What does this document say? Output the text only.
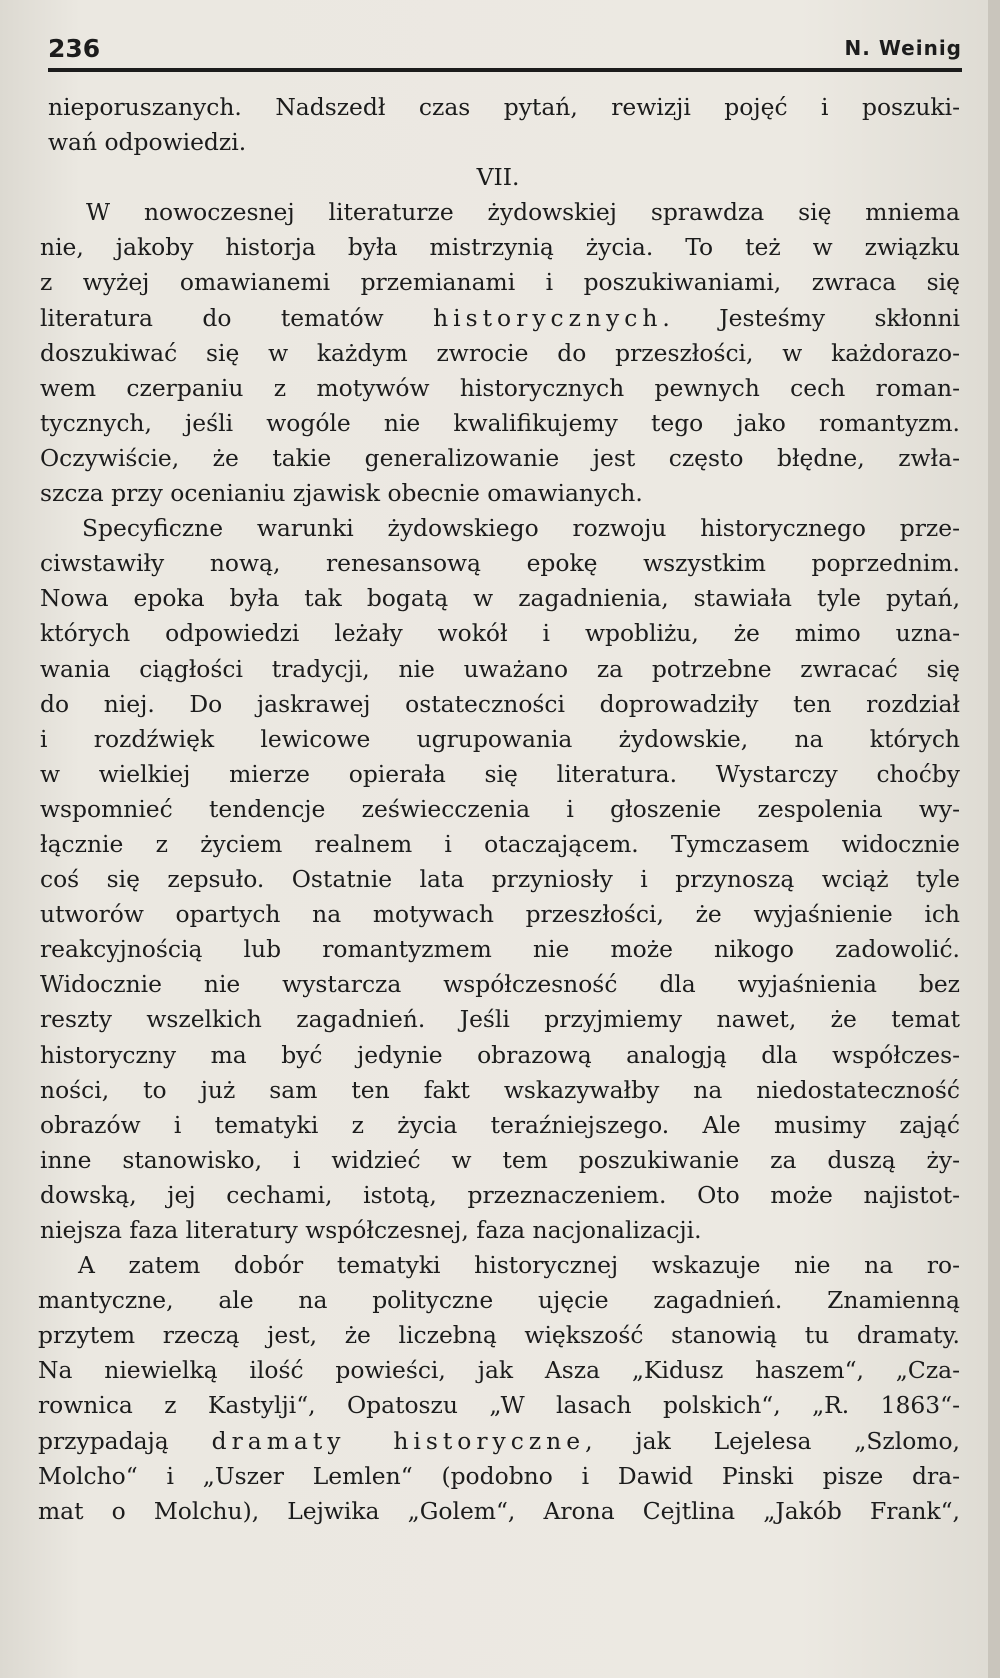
236	N. Weinig
nieporuszanych. Nadszedł czas pytań, rewizji pojęć i poszuki-
wań odpowiedzi.
VII.
W nowoczesnej literaturze żydowskiej sprawdza się mniema
nie, jakoby historja była mistrzynią życia. To też w związku
z wyżej omawianemi przemianami i poszukiwaniami, zwraca się
literatura do tematów historycznych. Jesteśmy skłonni
doszukiwać się w każdym zwrocie do przeszłości, w każdorazo-
wem czerpaniu z motywów historycznych pewnych cech roman-
tycznych, jeśli wogóle nie kwalifikujemy tego jako romantyzm.
Oczywiście, że takie generalizowanie jest często błędne, zwła-
szcza przy ocenianiu zjawisk obecnie omawianych.
Specyficzne warunki żydowskiego rozwoju historycznego prze-
ciwstawiły nową, renesansową epokę wszystkim poprzednim.
Nowa epoka była tak bogatą w zagadnienia, stawiała tyle pytań,
których odpowiedzi leżały wokół i wpobliżu, że mimo uzna-
wania ciągłości tradycji, nie uważano za potrzebne zwracać się
do niej. Do jaskrawej ostateczności doprowadziły ten rozdział
i rozdźwięk lewicowe ugrupowania żydowskie, na których
w wielkiej mierze opierała się literatura. Wystarczy choćby
wspomnieć tendencje zeświecczenia i głoszenie zespolenia wy-
łącznie z życiem realnem i otaczającem. Tymczasem widocznie
coś się zepsuło. Ostatnie lata przyniosły i przynoszą wciąż tyle
utworów opartych na motywach przeszłości, że wyjaśnienie ich
reakcyjnością lub romantyzmem nie może nikogo zadowolić.
Widocznie nie wystarcza współczesność dla wyjaśnienia bez
reszty wszelkich zagadnień. Jeśli przyjmiemy nawet, że temat
historyczny ma być jedynie obrazową analogją dla współczes-
ności, to już sam ten fakt wskazywałby na niedostateczność
obrazów i tematyki z życia teraźniejszego. Ale musimy zająć
inne stanowisko, i widzieć w tem poszukiwanie za duszą ży-
dowską, jej cechami, istotą, przeznaczeniem. Oto może najistot-
niejsza faza literatury współczesnej, faza nacjonalizacji.
A zatem dobór tematyki historycznej wskazuje nie na ro-
mantyczne, ale na polityczne ujęcie zagadnień. Znamienną
przytem rzeczą jest, że liczebną większość stanowią tu dramaty.
Na niewielką ilość powieści, jak Asza „Kidusz haszem“, „Cza-
rownica z Kastylji“, Opatoszu „W lasach polskich“, „R. 1863“-
przypadają dramaty historyczne, jak Lejelesa „Szlomo,
Molcho“ i „Uszer Lemlen“ (podobno i Dawid Pinski pisze dra-
mat o Molchu), Lejwika „Golem“, Arona Cejtlina „Jakób Frank“,
